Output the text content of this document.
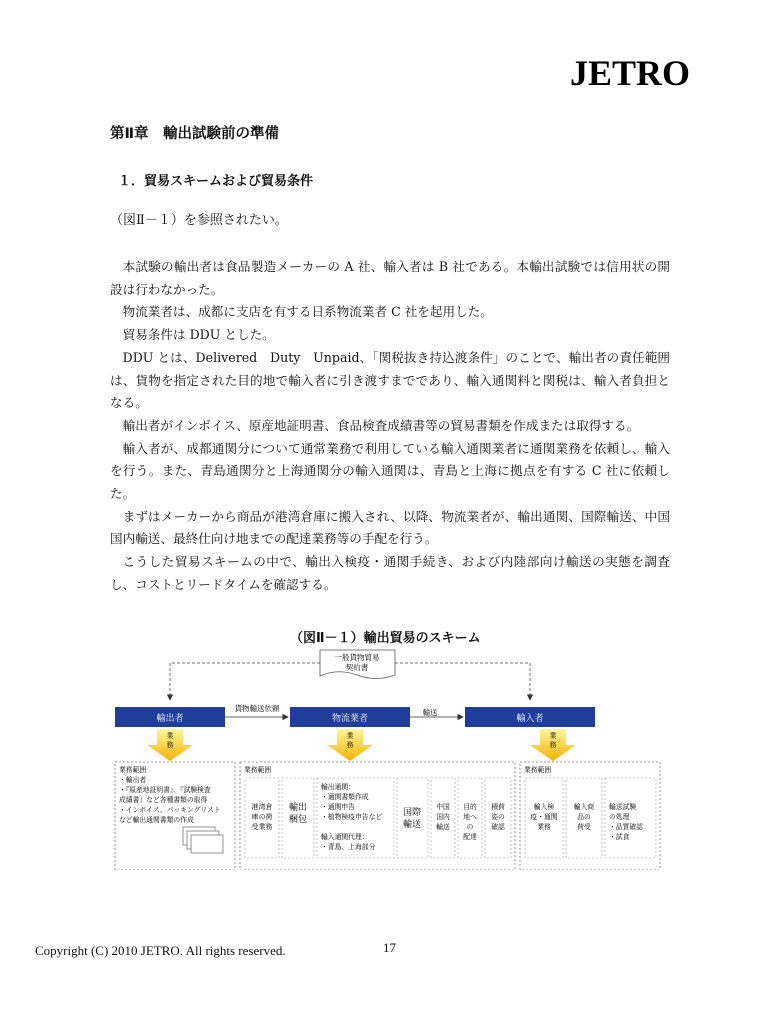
JETRO
第Ⅱ章　輸出試験前の準備
１．貿易スキームおよび貿易条件
（図Ⅱ－１）を参照されたい。

本試験の輸出者は食品製造メーカーの A 社、輸入者は B 社である。本輸出試験では信用状の開設は行わなかった。

物流業者は、成都に支店を有する日系物流業者 C 社を起用した。

貿易条件は DDU とした。

DDU とは、Delivered　Duty　Unpaid、「関税抜き持込渡条件」のことで、輸出者の責任範囲は、貨物を指定された目的地で輸入者に引き渡すまでであり、輸入通関料と関税は、輸入者負担となる。

輸出者がインボイス、原産地証明書、食品検査成績書等の貿易書類を作成または取得する。

輸入者が、成都通関分について通常業務で利用している輸入通関業者に通関業務を依頼し、輸入を行う。また、青島通関分と上海通関分の輸入通関は、青島と上海に拠点を有する C 社に依頼した。

まずはメーカーから商品が港湾倉庫に搬入され、以降、物流業者が、輸出通関、国際輸送、中国国内輸送、最終仕向け地までの配達業務等の手配を行う。

こうした貿易スキームの中で、輸出入検疫・通関手続き、および内陸部向け輸送の実態を調査し、コストとリードタイムを確認する。

（図Ⅱ－１）輸出貿易のスキーム
一般貨物貿易
契約書
貨物輸送依頼	輸送
輸出者	物流業者	輸入者
業
務
業
務
業
務
業務範囲
・輸出者
・『原産地証明書』、『試験検査
成績書』など各種書類の取得
・インボイス、パッキングリスト
など輸出通関書類の作成
業務範囲
港湾倉
庫の荷
受業務
輸出
梱包
輸出通関：
・通関書類作成
・通関申告
・植物検疫申告など
輸入通関代理：
・青島、上海部分
国際
輸送
中国
国内
輸送
目的
地へ
の
配達
積荷
姿の
確認
業務範囲
輸入検
疫・通関
業務
輸入商
品の
荷受
輸送試験
の処理
・品質確認
・試食
Copyright (C) 2010 JETRO. All rights reserved.	17
